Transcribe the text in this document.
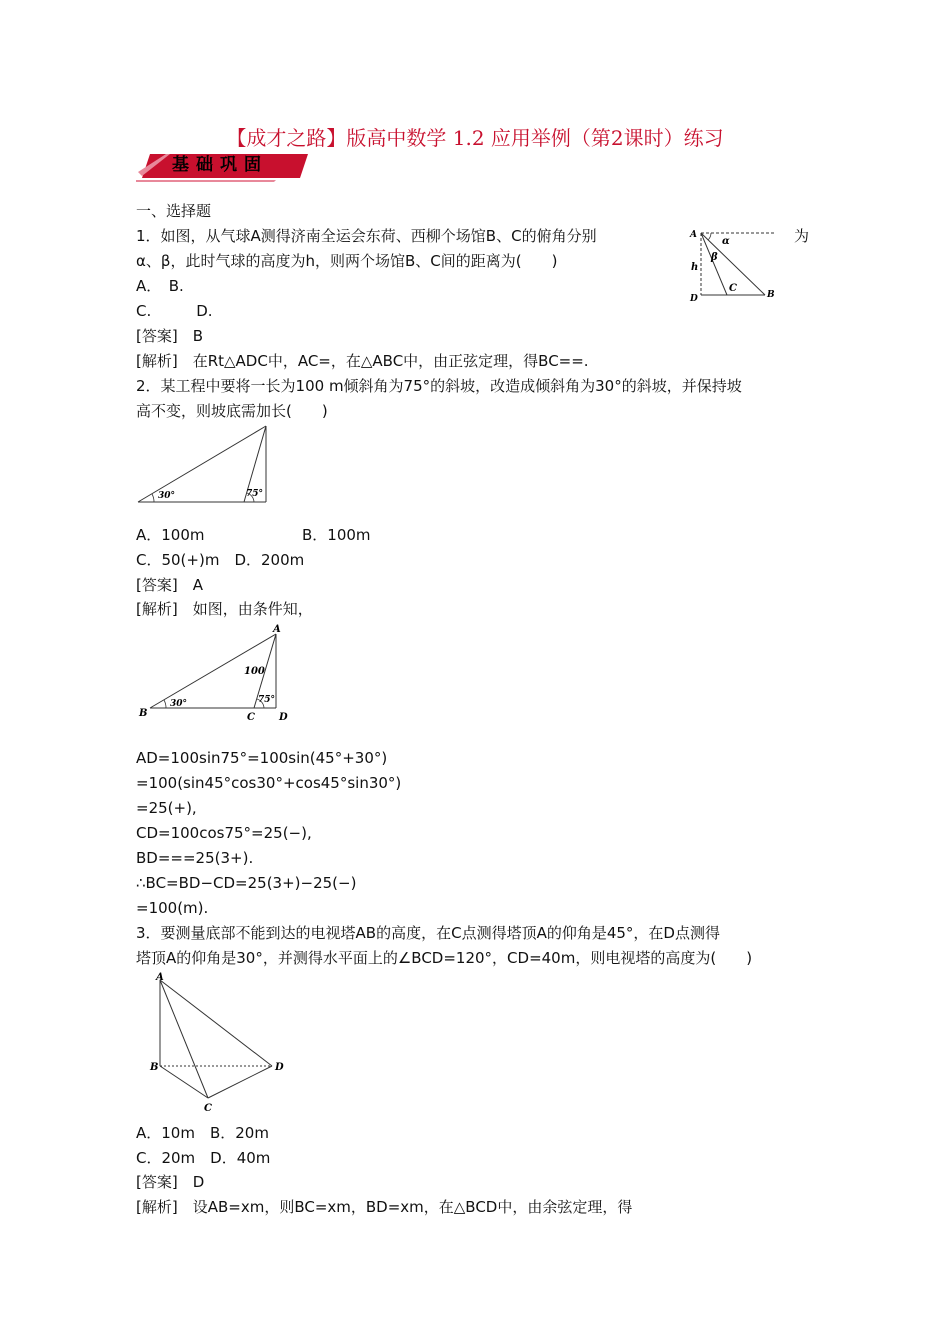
【成才之路】版高中数学 1.2 应用举例（第2课时）练习
基础巩固
一、选择题
1．如图，从气球A测得济南全运会东荷、西柳个场馆B、C的俯角分别	为
α、β，此时气球的高度为h，则两个场馆B、C间的距离为(　　)
A．　B.
C.　　　D.
[答案]　B
[解析]　在Rt△ADC中，AC=，在△ABC中，由正弦定理，得BC==.
A
α
β
h
D
C
B
2．某工程中要将一长为100 m倾斜角为75°的斜坡，改造成倾斜角为30°的斜坡，并保持坡
高不变，则坡底需加长(　　)
30°	75°
A．100m	B．100m
C．50(+)m　D．200m
[答案]　A
[解析]　如图，由条件知，
A
B	C D
100
30°	75°
AD=100sin75°=100sin(45°+30°)
=100(sin45°cos30°+cos45°sin30°)
=25(+),
CD=100cos75°=25(−),
BD===25(3+).
∴BC=BD−CD=25(3+)−25(−)
=100(m).
3．要测量底部不能到达的电视塔AB的高度，在C点测得塔顶A的仰角是45°，在D点测得
塔顶A的仰角是30°，并测得水平面上的∠BCD=120°，CD=40m，则电视塔的高度为(　　)
A
B
C
D
A．10m　B．20m
C．20m　D．40m
[答案]　D
[解析]　设AB=xm，则BC=xm，BD=xm，在△BCD中，由余弦定理，得
